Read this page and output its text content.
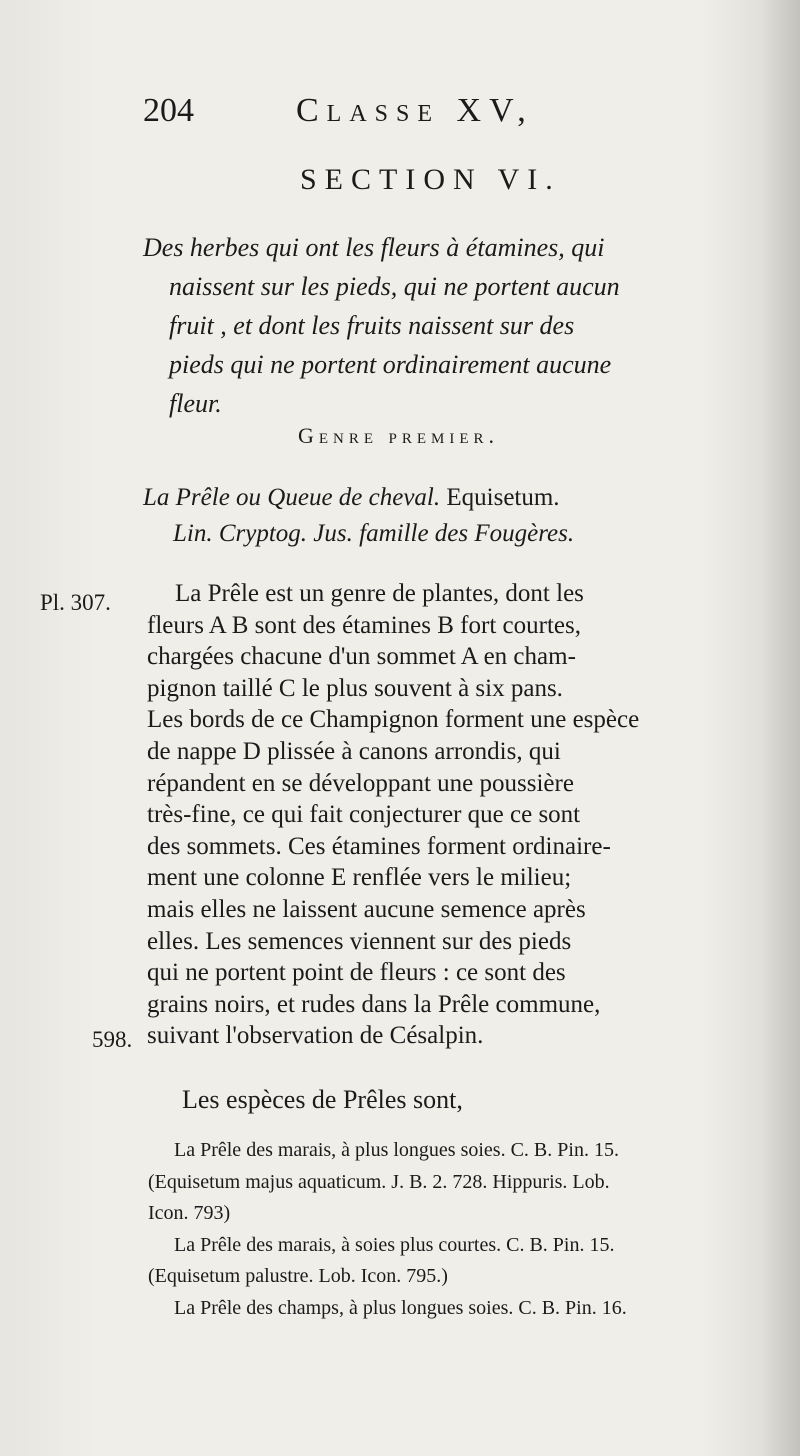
204	Classe XV,
SECTION VI.
Des herbes qui ont les fleurs à étamines, qui
naissent sur les pieds, qui ne portent aucun
fruit , et dont les fruits naissent sur des
pieds qui ne portent ordinairement aucune
fleur.
Genre premier.
La Prêle ou Queue de cheval. Equisetum.
Lin. Cryptog. Jus. famille des Fougères.
Pl. 307.
598.
La Prêle est un genre de plantes, dont les
fleurs A B sont des étamines B fort courtes,
chargées chacune d'un sommet A en cham-
pignon taillé C le plus souvent à six pans.
Les bords de ce Champignon forment une espèce
de nappe D plissée à canons arrondis, qui
répandent en se développant une poussière
très-fine, ce qui fait conjecturer que ce sont
des sommets. Ces étamines forment ordinaire-
ment une colonne E renflée vers le milieu;
mais elles ne laissent aucune semence après
elles. Les semences viennent sur des pieds
qui ne portent point de fleurs : ce sont des
grains noirs, et rudes dans la Prêle commune,
suivant l'observation de Césalpin.
Les espèces de Prêles sont,
La Prêle des marais, à plus longues soies. C. B. Pin. 15.
(Equisetum majus aquaticum. J. B. 2. 728. Hippuris. Lob.
Icon. 793)
La Prêle des marais, à soies plus courtes. C. B. Pin. 15.
(Equisetum palustre. Lob. Icon. 795.)
La Prêle des champs, à plus longues soies. C. B. Pin. 16.
